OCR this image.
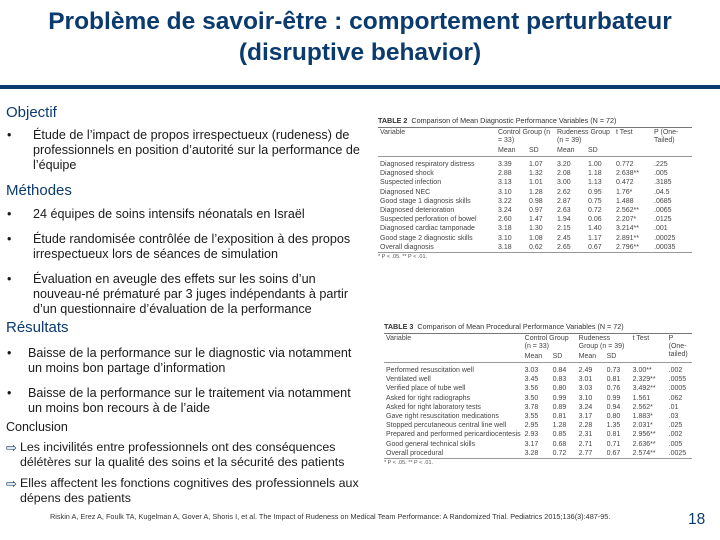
Problème de savoir-être : comportement perturbateur
(disruptive behavior)
Objectif
• Étude de l’impact de propos irrespectueux (rudeness) de professionnels en position d’autorité sur la performance de l’équipe
Méthodes
• 24 équipes de soins intensifs néonatals en Israël
• Étude randomisée contrôlée de l’exposition à des propos irrespectueux lors de séances de simulation
• Évaluation en aveugle des effets sur les soins d’un nouveau-né prématuré par 3 juges indépendants à partir d’un questionnaire d’évaluation de la performance
Résultats
• Baisse de la performance sur le diagnostic via notamment un moins bon partage d’information
• Baisse de la performance sur le traitement via notamment un moins bon recours à de l’aide
Conclusion
⇨ Les incivilités entre professionnels ont des conséquences délétères sur la qualité des soins et la sécurité des patients
⇨ Elles affectent les fonctions cognitives des professionnels aux dépens des patients
TABLE 2 Comparison of Mean Diagnostic Performance Variables (N = 72)
Variable	Control Group (n = 33)		Rudeness Group (n = 39)		t Test	P (One-Tailed)
	Mean	SD	Mean	SD		
Diagnosed respiratory distress	3.39	1.07	3.20	1.00	0.772	.225
Diagnosed shock	2.88	1.32	2.08	1.18	2.638**	.005
Suspected infection	3.13	1.01	3.00	1.13	0.472	.3185
Diagnosed NEC	3.10	1.28	2.62	0.95	1.76*	.04.5
Good stage 1 diagnosis skills	3.22	0.98	2.87	0.75	1.488	.0685
Diagnosed deterioration	3.24	0.97	2.63	0.72	2.562**	.0065
Suspected perforation of bowel	2.60	1.47	1.94	0.06	2.207*	.0125
Diagnosed cardiac tamponade	3.18	1.30	2.15	1.40	3.214**	.001
Good stage 2 diagnostic skills	3.10	1.08	2.45	1.17	2.891**	.00025
Overall diagnosis	3.18	0.62	2.65	0.67	2.796**	.00035
* P < .05. ** P < .01.
TABLE 3 Comparison of Mean Procedural Performance Variables (N = 72)
Variable	Control Group (n = 33)		Rudeness Group (n = 39)		t Test	P (One-tailed)
	Mean	SD	Mean	SD		
Performed resuscitation well	3.03	0.84	2.49	0.73	3.00**	.002
Ventilated well	3.45	0.83	3.01	0.81	2.329**	.0055
Verified place of tube well	3.56	0.80	3.03	0.76	3.492**	.0005
Asked for right radiographs	3.50	0.99	3.10	0.99	1.561	.062
Asked for right laboratory tests	3.78	0.89	3.24	0.94	2.562*	.01
Gave right resuscitation medications	3.55	0.81	3.17	0.80	1.883*	.03
Stopped percutaneous central line well	2.95	1.28	2.28	1.35	2.031*	.025
Prepared and performed pericardiocentesis	2.93	0.85	2.31	0.81	2.956**	.002
Good general technical skills	3.17	0.68	2.71	0.71	2.636**	.005
Overall procedural	3.28	0.72	2.77	0.67	2.574**	.0025
* P < .05. ** P < .01.
Riskin A, Erez A, Foulk TA, Kugelman A, Gover A, Shoris I, et al. The Impact of Rudeness on Medical Team Performance: A Randomized Trial. Pediatrics 2015;136(3):487-95.	18
